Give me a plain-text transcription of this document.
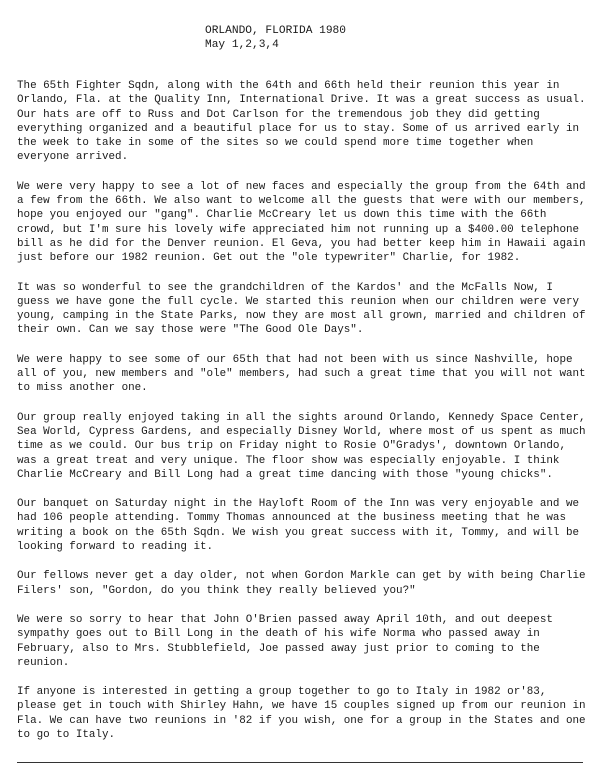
ORLANDO, FLORIDA 1980
May 1,2,3,4

The 65th Fighter Sqdn, along with the 64th and 66th held their reunion this year in Orlando, Fla. at the Quality Inn, International Drive. It was a great success as usual. Our hats are off to Russ and Dot Carlson for the tremendous job they did getting everything organized and a beautiful place for us to stay. Some of us arrived early in the week to take in some of the sites so we could spend more time together when everyone arrived.

We were very happy to see a lot of new faces and especially the group from the 64th and a few from the 66th. We also want to welcome all the guests that were with our members, hope you enjoyed our "gang". Charlie McCreary let us down this time with the 66th crowd, but I'm sure his lovely wife appreciated him not running up a $400.00 telephone bill as he did for the Denver reunion. El Geva, you had better keep him in Hawaii again just before our 1982 reunion. Get out the "ole typewriter" Charlie, for 1982.

It was so wonderful to see the grandchildren of the Kardos' and the McFalls Now, I guess we have gone the full cycle. We started this reunion when our children were very young, camping in the State Parks, now they are most all grown, married and children of their own. Can we say those were "The Good Ole Days".

We were happy to see some of our 65th that had not been with us since Nashville, hope all of you, new members and "ole" members, had such a great time that you will not want to miss another one.

Our group really enjoyed taking in all the sights around Orlando, Kennedy Space Center, Sea World, Cypress Gardens, and especially Disney World, where most of us spent as much time as we could. Our bus trip on Friday night to Rosie O"Gradys', downtown Orlando, was a great treat and very unique. The floor show was especially enjoyable. I think Charlie McCreary and Bill Long had a great time dancing with those "young chicks".

Our banquet on Saturday night in the Hayloft Room of the Inn was very enjoyable and we had 106 people attending. Tommy Thomas announced at the business meeting that he was writing a book on the 65th Sqdn. We wish you great success with it, Tommy, and will be looking forward to reading it.

Our fellows never get a day older, not when Gordon Markle can get by with being Charlie Filers' son, "Gordon, do you think they really believed you?"

We were so sorry to hear that John O'Brien passed away April 10th, and out deepest sympathy goes out to Bill Long in the death of his wife Norma who passed away in February, also to Mrs. Stubblefield, Joe passed away just prior to coming to the reunion.

If anyone is interested in getting a group together to go to Italy in 1982 or'83, please get in touch with Shirley Hahn, we have 15 couples signed up from our reunion in Fla. We can have two reunions in '82 if you wish, one for a group in the States and one to go to Italy.
